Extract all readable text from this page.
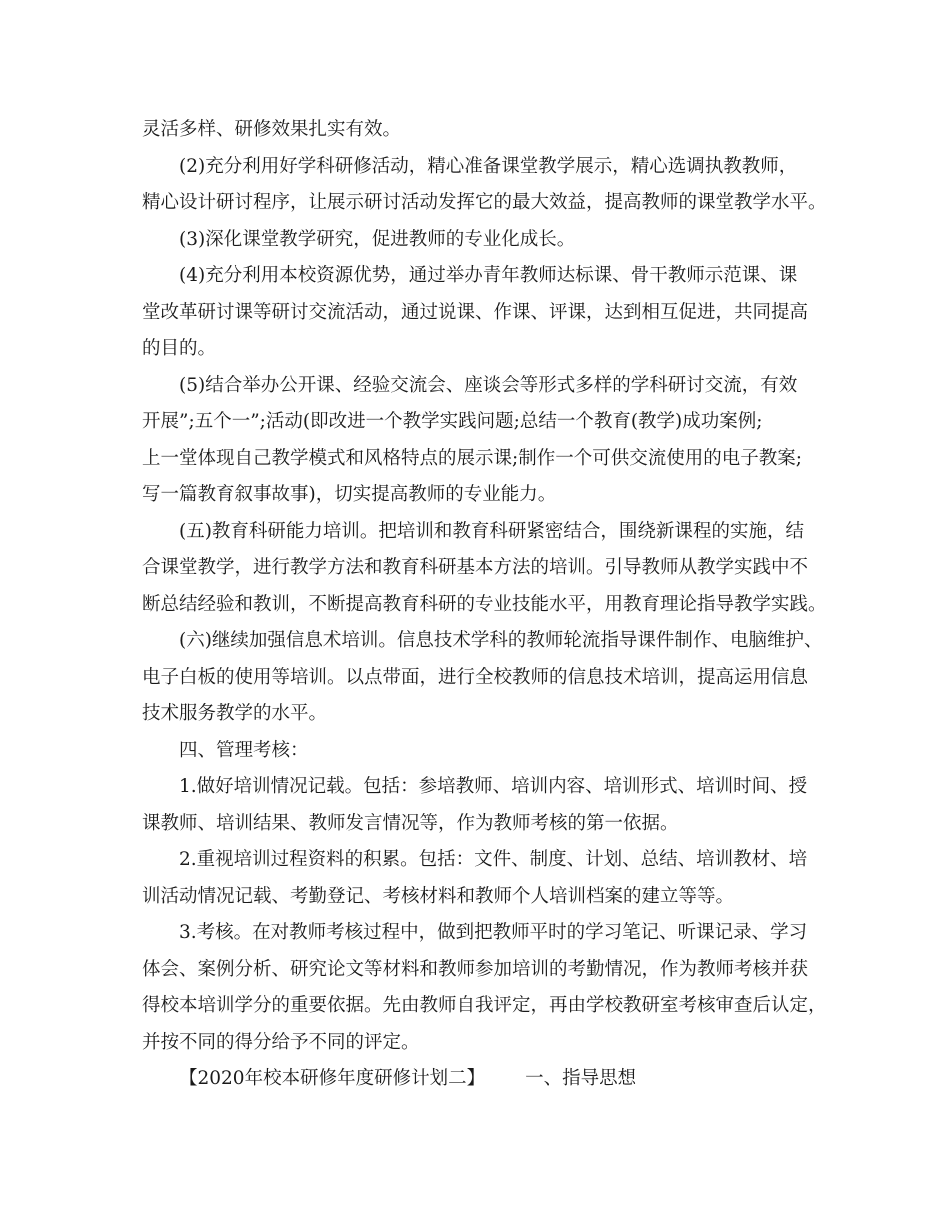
灵活多样、研修效果扎实有效。

(2)充分利用好学科研修活动，精心准备课堂教学展示，精心选调执教教师，
精心设计研讨程序，让展示研讨活动发挥它的最大效益，提高教师的课堂教学水平。

(3)深化课堂教学研究，促进教师的专业化成长。

(4)充分利用本校资源优势，通过举办青年教师达标课、骨干教师示范课、课
堂改革研讨课等研讨交流活动，通过说课、作课、评课，达到相互促进，共同提高
的目的。

(5)结合举办公开课、经验交流会、座谈会等形式多样的学科研讨交流，有效
开展”;五个一”;活动(即改进一个教学实践问题;总结一个教育(教学)成功案例;
上一堂体现自己教学模式和风格特点的展示课;制作一个可供交流使用的电子教案;
写一篇教育叙事故事)，切实提高教师的专业能力。

(五)教育科研能力培训。把培训和教育科研紧密结合，围绕新课程的实施，结
合课堂教学，进行教学方法和教育科研基本方法的培训。引导教师从教学实践中不
断总结经验和教训，不断提高教育科研的专业技能水平，用教育理论指导教学实践。

(六)继续加强信息术培训。信息技术学科的教师轮流指导课件制作、电脑维护、
电子白板的使用等培训。以点带面，进行全校教师的信息技术培训，提高运用信息
技术服务教学的水平。

四、管理考核：

1.做好培训情况记载。包括：参培教师、培训内容、培训形式、培训时间、授
课教师、培训结果、教师发言情况等，作为教师考核的第一依据。

2.重视培训过程资料的积累。包括：文件、制度、计划、总结、培训教材、培
训活动情况记载、考勤登记、考核材料和教师个人培训档案的建立等等。

3.考核。在对教师考核过程中，做到把教师平时的学习笔记、听课记录、学习
体会、案例分析、研究论文等材料和教师参加培训的考勤情况，作为教师考核并获
得校本培训学分的重要依据。先由教师自我评定，再由学校教研室考核审查后认定，
并按不同的得分给予不同的评定。

【2020年校本研修年度研修计划二】 一、指导思想
